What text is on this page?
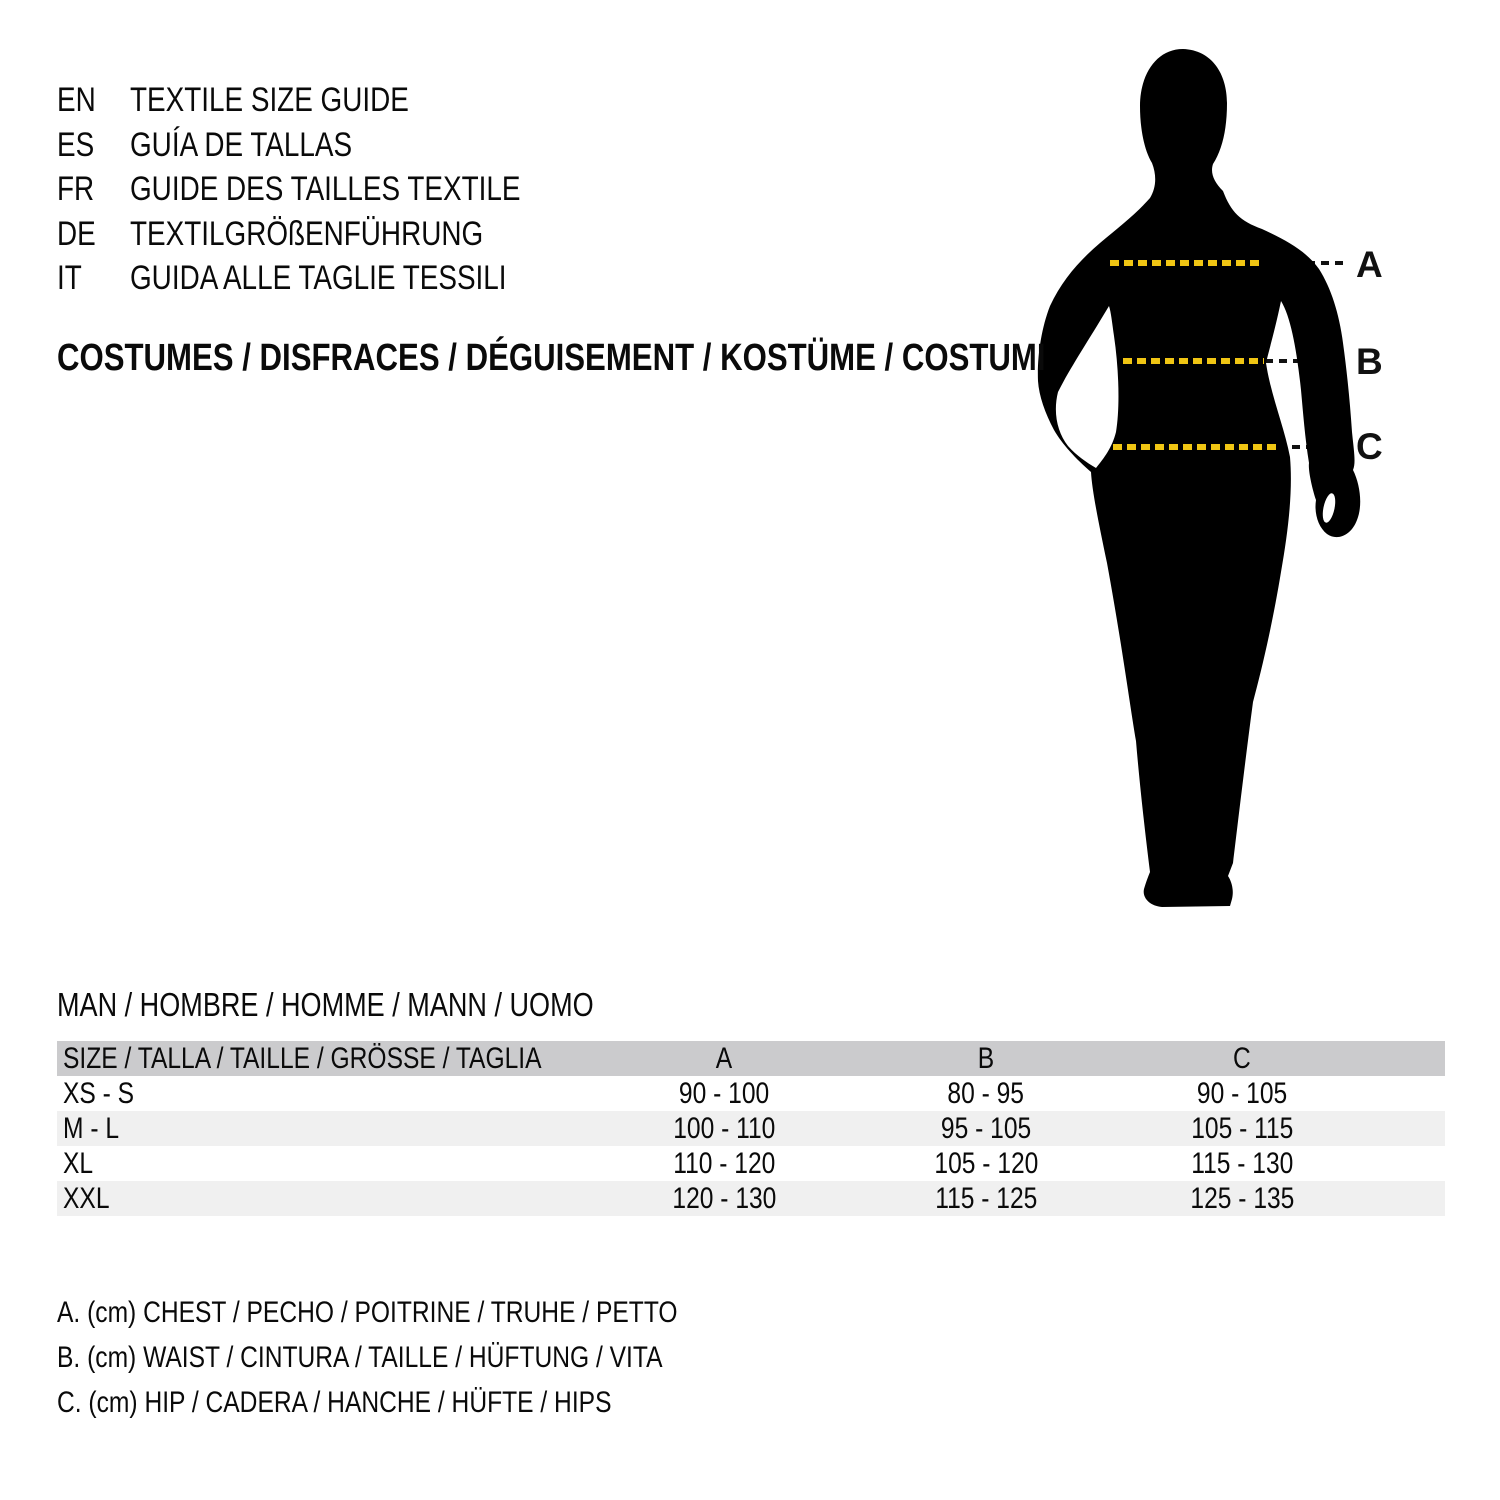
A
B
C
EN	TEXTILE SIZE GUIDE
ES	GUÍA DE TALLAS
FR	GUIDE DES TAILLES TEXTILE
DE	TEXTILGRÖßENFÜHRUNG
IT	GUIDA ALLE TAGLIE TESSILI
COSTUMES / DISFRACES / DÉGUISEMENT / KOSTÜME / COSTUMI
MAN / HOMBRE / HOMME / MANN / UOMO
SIZE / TALLA / TAILLE / GRÖSSE / TAGLIA	A	B	C	
XS - S	90 - 100	80 - 95	90 - 105	
M - L	100 - 110	95 - 105	105 - 115	
XL	110 - 120	105 - 120	115 - 130	
XXL	120 - 130	115 - 125	125 - 135	
A. (cm) CHEST / PECHO / POITRINE / TRUHE / PETTO
B. (cm) WAIST / CINTURA / TAILLE / HÜFTUNG / VITA
C. (cm) HIP / CADERA / HANCHE / HÜFTE / HIPS
